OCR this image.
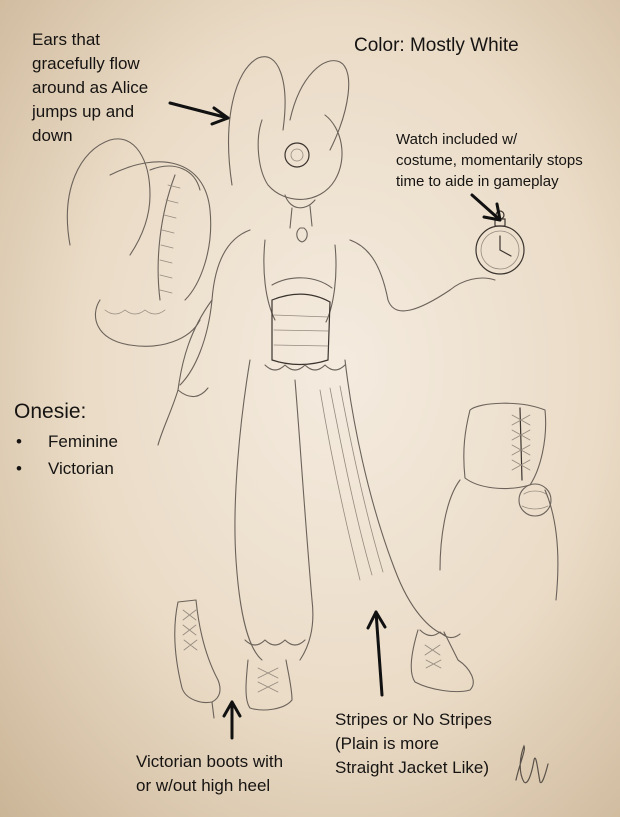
Color: Mostly White
Ears that
gracefully flow
around as Alice
jumps up and
down	Watch included w/
costume, momentarily stops
time to aide in gameplay
Onesie:
• Feminine
• Victorian
Stripes or No Stripes
(Plain is more
Straight Jacket Like)
Victorian boots with
or w/out high heel
